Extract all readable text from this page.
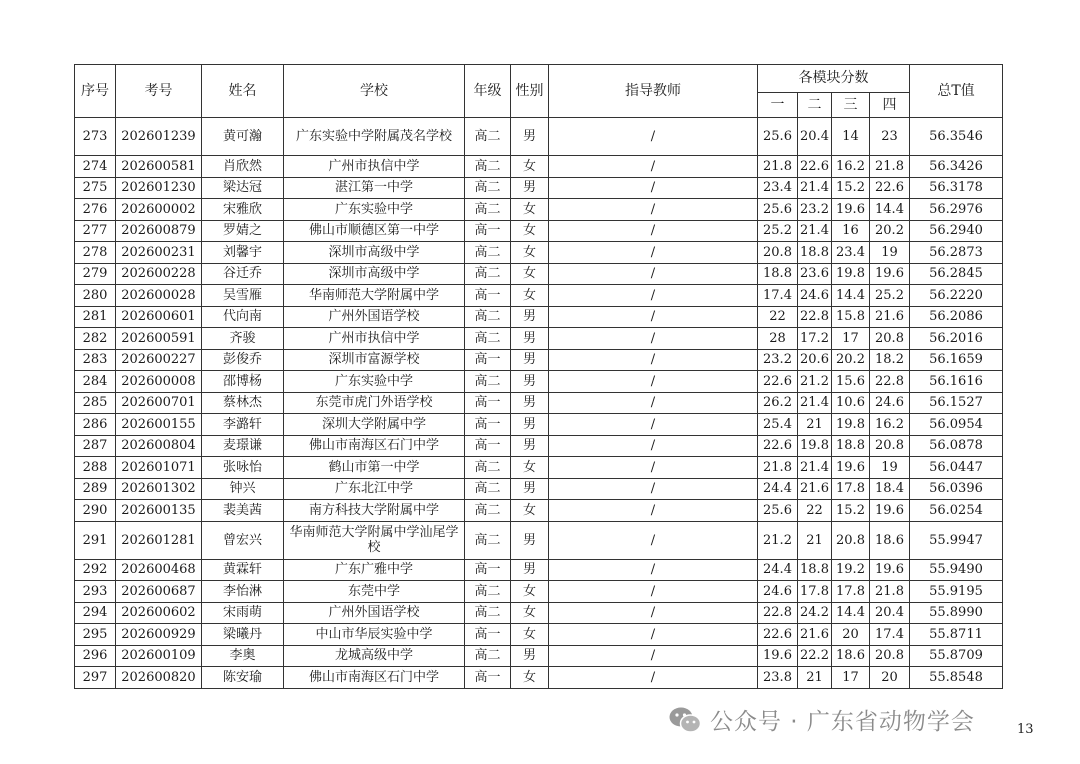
序号	考号	姓名	学校	年级	性别	指导教师	各模块分数				总T值
							一	二	三	四	
273	202601239	黄可瀚	广东实验中学附属茂名学校	高二	男	/	25.6	20.4	14	23	56.3546
274	202600581	肖欣然	广州市执信中学	高二	女	/	21.8	22.6	16.2	21.8	56.3426
275	202601230	梁达冠	湛江第一中学	高二	男	/	23.4	21.4	15.2	22.6	56.3178
276	202600002	宋雅欣	广东实验中学	高二	女	/	25.6	23.2	19.6	14.4	56.2976
277	202600879	罗婧之	佛山市顺德区第一中学	高一	女	/	25.2	21.4	16	20.2	56.2940
278	202600231	刘馨宇	深圳市高级中学	高二	女	/	20.8	18.8	23.4	19	56.2873
279	202600228	谷迁乔	深圳市高级中学	高二	女	/	18.8	23.6	19.8	19.6	56.2845
280	202600028	吴雪雁	华南师范大学附属中学	高一	女	/	17.4	24.6	14.4	25.2	56.2220
281	202600601	代向南	广州外国语学校	高二	男	/	22	22.8	15.8	21.6	56.2086
282	202600591	齐骏	广州市执信中学	高二	男	/	28	17.2	17	20.8	56.2016
283	202600227	彭俊乔	深圳市富源学校	高一	男	/	23.2	20.6	20.2	18.2	56.1659
284	202600008	邵博杨	广东实验中学	高二	男	/	22.6	21.2	15.6	22.8	56.1616
285	202600701	蔡林杰	东莞市虎门外语学校	高一	男	/	26.2	21.4	10.6	24.6	56.1527
286	202600155	李潞轩	深圳大学附属中学	高一	男	/	25.4	21	19.8	16.2	56.0954
287	202600804	麦璟谦	佛山市南海区石门中学	高一	男	/	22.6	19.8	18.8	20.8	56.0878
288	202601071	张咏怡	鹤山市第一中学	高二	女	/	21.8	21.4	19.6	19	56.0447
289	202601302	钟兴	广东北江中学	高二	男	/	24.4	21.6	17.8	18.4	56.0396
290	202600135	裴美茜	南方科技大学附属中学	高二	女	/	25.6	22	15.2	19.6	56.0254
291	202601281	曾宏兴	华南师范大学附属中学汕尾学校	高二	男	/	21.2	21	20.8	18.6	55.9947
292	202600468	黄霖轩	广东广雅中学	高一	男	/	24.4	18.8	19.2	19.6	55.9490
293	202600687	李怡淋	东莞中学	高二	女	/	24.6	17.8	17.8	21.8	55.9195
294	202600602	宋雨萌	广州外国语学校	高二	女	/	22.8	24.2	14.4	20.4	55.8990
295	202600929	梁曦丹	中山市华辰实验中学	高一	女	/	22.6	21.6	20	17.4	55.8711
296	202600109	李奥	龙城高级中学	高二	男	/	19.6	22.2	18.6	20.8	55.8709
297	202600820	陈安瑜	佛山市南海区石门中学	高一	女	/	23.8	21	17	20	55.8548
公众号 · 广东省动物学会	13
